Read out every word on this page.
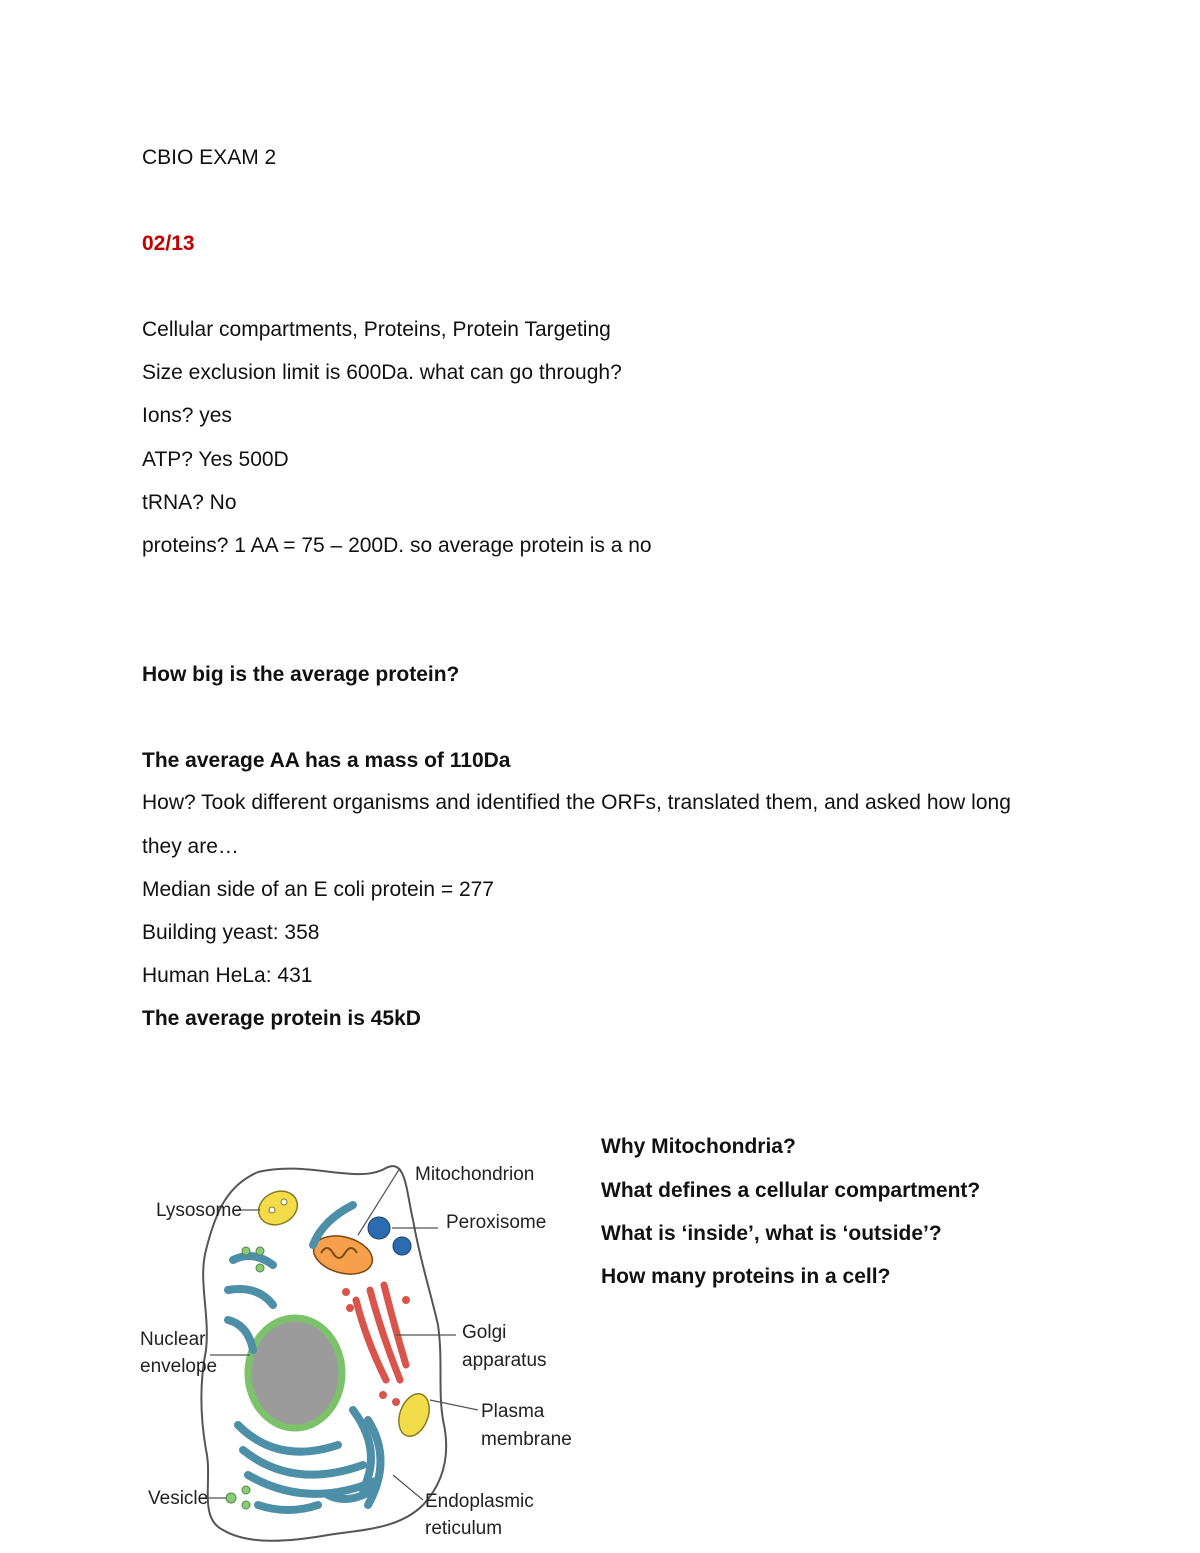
CBIO EXAM 2

02/13

Cellular compartments, Proteins, Protein Targeting

Size exclusion limit is 600Da. what can go through?

Ions? yes

ATP? Yes 500D

tRNA? No

proteins? 1 AA = 75 – 200D. so average protein is a no

How big is the average protein?

The average AA has a mass of 110Da

How? Took different organisms and identified the ORFs, translated them, and asked how long

they are…

Median side of an E coli protein = 277

Building yeast: 358

Human HeLa: 431

The average protein is 45kD

Why Mitochondria?

What defines a cellular compartment?

What is ‘inside’, what is ‘outside’?

How many proteins in a cell?

Mitochondrion
Lysosome
Peroxisome
Nuclear
envelope
Golgi
apparatus
Plasma
membrane
Vesicle	Endoplasmic
reticulum
